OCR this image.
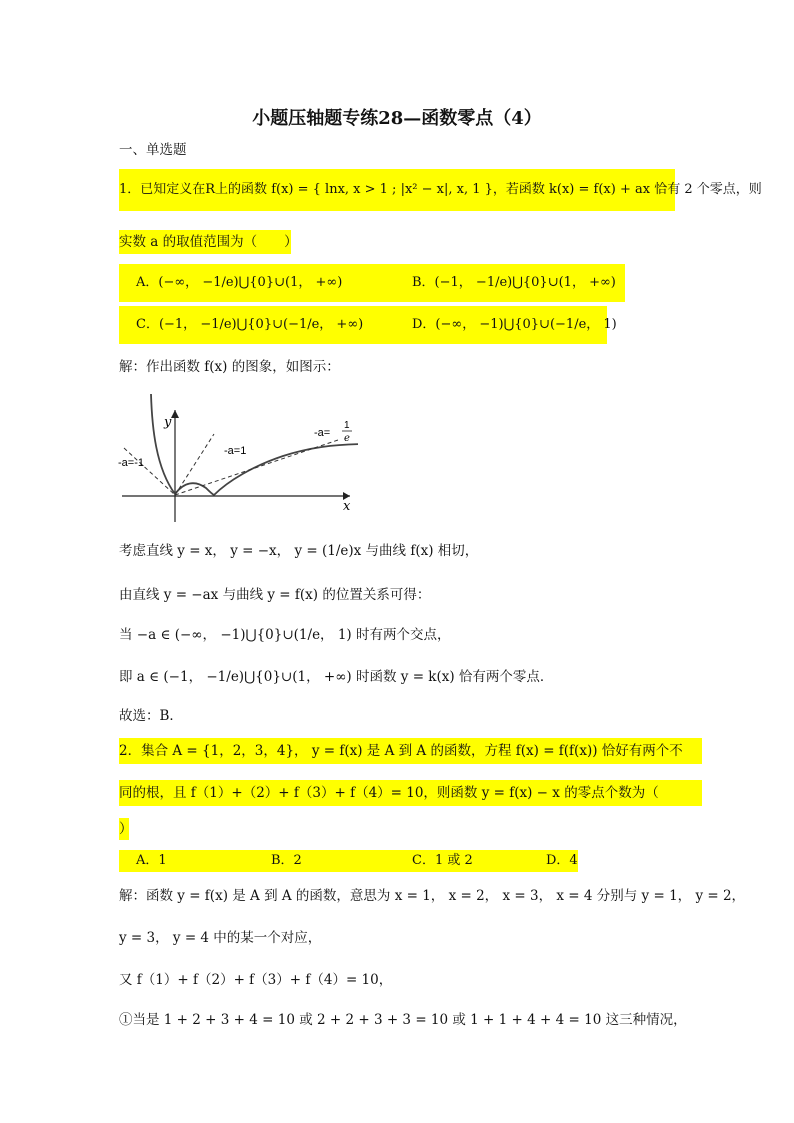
小题压轴题专练28—函数零点（4）
一、单选题
1．已知定义在R上的函数 f(x) = { lnx, x > 1 ; |x² − x|, x, 1 }，若函数 k(x) = f(x) + ax 恰有 2 个零点，则
实数 a 的取值范围为（　　）
A．(−∞， −1/e)⋃{0}∪(1， +∞)	B．(−1， −1/e)⋃{0}∪(1， +∞)
C．(−1， −1/e)⋃{0}∪(−1/e， +∞)	D．(−∞， −1)⋃{0}∪(−1/e， 1)
解：作出函数 f(x) 的图象，如图示：
x
y
-a=-1
-a=1
-a=
1
e
考虑直线 y = x， y = −x， y = (1/e)x 与曲线 f(x) 相切，
由直线 y = −ax 与曲线 y = f(x) 的位置关系可得：
当 −a ∈ (−∞， −1)⋃{0}∪(1/e， 1) 时有两个交点，
即 a ∈ (−1， −1/e)⋃{0}∪(1， +∞) 时函数 y = k(x) 恰有两个零点．
故选：B．
2．集合 A = {1，2，3，4}， y = f(x) 是 A 到 A 的函数，方程 f(x) = f(f(x)) 恰好有两个不
同的根，且 f（1）+（2）+ f（3）+ f（4）= 10，则函数 y = f(x) − x 的零点个数为（
）
A．1	B．2	C．1 或 2	D．4
解：函数 y = f(x) 是 A 到 A 的函数，意思为 x = 1， x = 2， x = 3， x = 4 分别与 y = 1， y = 2，
y = 3， y = 4 中的某一个对应，
又 f（1）+ f（2）+ f（3）+ f（4）= 10，
①当是 1 + 2 + 3 + 4 = 10 或 2 + 2 + 3 + 3 = 10 或 1 + 1 + 4 + 4 = 10 这三种情况，
